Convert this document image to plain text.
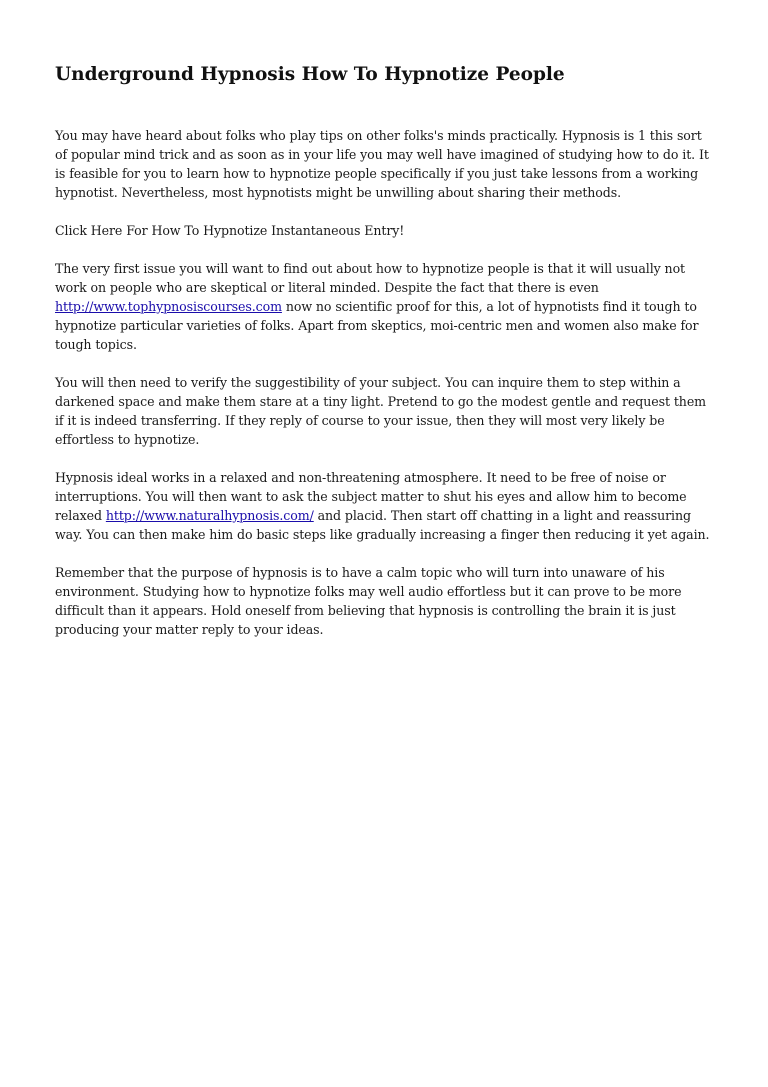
Underground Hypnosis How To Hypnotize People

You may have heard about folks who play tips on other folks's minds practically. Hypnosis is 1 this sort of popular mind trick and as soon as in your life you may well have imagined of studying how to do it. It is feasible for you to learn how to hypnotize people specifically if you just take lessons from a working hypnotist. Nevertheless, most hypnotists might be unwilling about sharing their methods.

Click Here For How To Hypnotize Instantaneous Entry!

The very first issue you will want to find out about how to hypnotize people is that it will usually not work on people who are skeptical or literal minded. Despite the fact that there is even http://www.tophypnosiscourses.com now no scientific proof for this, a lot of hypnotists find it tough to hypnotize particular varieties of folks. Apart from skeptics, moi-centric men and women also make for tough topics.

You will then need to verify the suggestibility of your subject. You can inquire them to step within a darkened space and make them stare at a tiny light. Pretend to go the modest gentle and request them if it is indeed transferring. If they reply of course to your issue, then they will most very likely be effortless to hypnotize.

Hypnosis ideal works in a relaxed and non-threatening atmosphere. It need to be free of noise or interruptions. You will then want to ask the subject matter to shut his eyes and allow him to become relaxed http://www.naturalhypnosis.com/ and placid. Then start off chatting in a light and reassuring way. You can then make him do basic steps like gradually increasing a finger then reducing it yet again.

Remember that the purpose of hypnosis is to have a calm topic who will turn into unaware of his environment. Studying how to hypnotize folks may well audio effortless but it can prove to be more difficult than it appears. Hold oneself from believing that hypnosis is controlling the brain it is just producing your matter reply to your ideas.
